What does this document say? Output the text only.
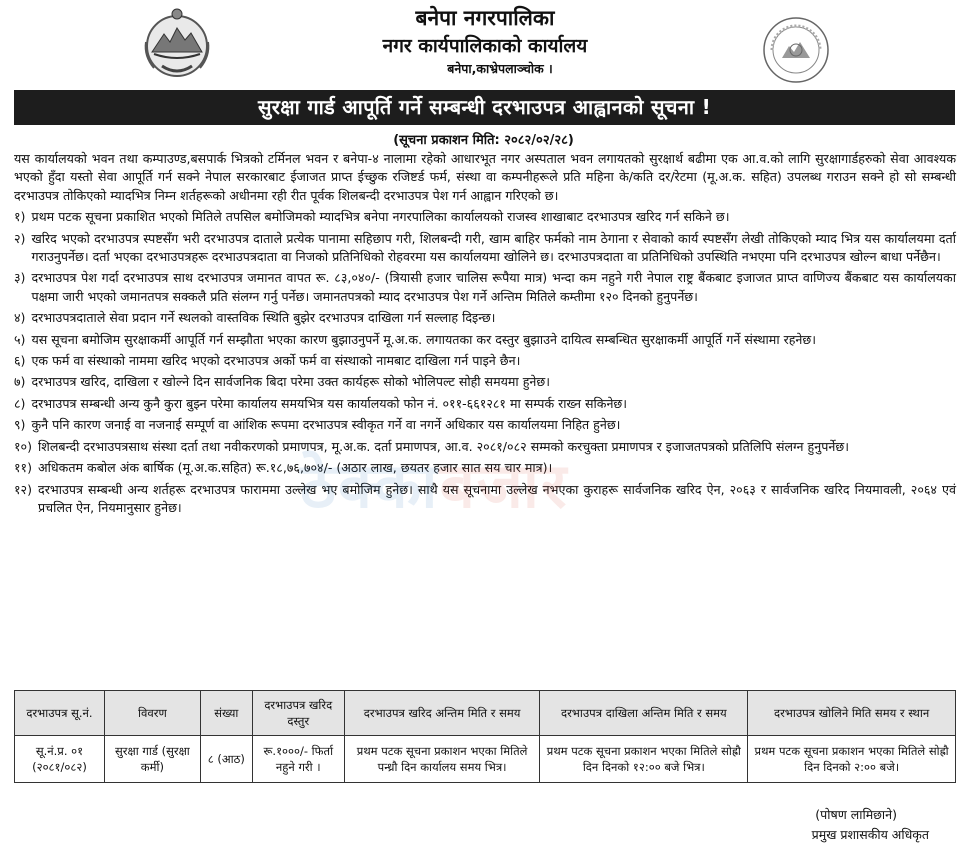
बनेपा नगरपालिका
नगर कार्यपालिकाको कार्यालय
बनेपा,काभ्रेपलाञ्चोक ।
सुरक्षा गार्ड आपूर्ति गर्ने सम्बन्धी दरभाउपत्र आह्वानको सूचना !
(सूचना प्रकाशन मिति: २०८२/०२/२८)

यस कार्यालयको भवन तथा कम्पाउण्ड,बसपार्क भित्रको टर्मिनल भवन र बनेपा-४ नालामा रहेको आधारभूत नगर अस्पताल भवन लगायतको सुरक्षार्थ बढीमा एक आ.व.को लागि सुरक्षागार्डहरुको सेवा आवश्यक भएको हुँदा यस्तो सेवा आपूर्ति गर्न सक्ने नेपाल सरकारबाट ईजाजत प्राप्त ईच्छुक रजिष्टर्ड फर्म, संस्था वा कम्पनीहरूले प्रति महिना के/कति दर/रेटमा (मू.अ.क. सहित) उपलब्ध गराउन सक्ने हो सो सम्बन्धी दरभाउपत्र तोकिएको म्यादभित्र निम्न शर्तहरूको अधीनमा रही रीत पूर्वक शिलबन्दी दरभाउपत्र पेश गर्न आह्वान गरिएको छ।

१) प्रथम पटक सूचना प्रकाशित भएको मितिले तपसिल बमोजिमको म्यादभित्र बनेपा नगरपालिका कार्यालयको राजस्व शाखाबाट दरभाउपत्र खरिद गर्न सकिने छ।
२) खरिद भएको दरभाउपत्र स्पष्टसँग भरी दरभाउपत्र दाताले प्रत्येक पानामा सहिछाप गरी, शिलबन्दी गरी, खाम बाहिर फर्मको नाम ठेगाना र सेवाको कार्य स्पष्टसँग लेखी तोकिएको म्याद भित्र यस कार्यालयमा दर्ता गराउनुपर्नेछ। दर्ता भएका दरभाउपत्रहरू दरभाउपत्रदाता वा निजको प्रतिनिधिको रोहवरमा यस कार्यालयमा खोलिने छ। दरभाउपत्रदाता वा प्रतिनिधिको उपस्थिति नभएमा पनि दरभाउपत्र खोल्न बाधा पर्नेछैन।
३) दरभाउपत्र पेश गर्दा दरभाउपत्र साथ दरभाउपत्र जमानत वापत रू. ८३,०४०/- (त्रियासी हजार चालिस रूपैया मात्र) भन्दा कम नहुने गरी नेपाल राष्ट्र बैंकबाट इजाजत प्राप्त वाणिज्य बैंकबाट यस कार्यालयका पक्षमा जारी भएको जमानतपत्र सक्कलै प्रति संलग्न गर्नु पर्नेछ। जमानतपत्रको म्याद दरभाउपत्र पेश गर्ने अन्तिम मितिले कम्तीमा १२० दिनको हुनुपर्नेछ।
४) दरभाउपत्रदाताले सेवा प्रदान गर्ने स्थलको वास्तविक स्थिति बुझेर दरभाउपत्र दाखिला गर्न सल्लाह दिइन्छ।
५) यस सूचना बमोजिम सुरक्षाकर्मी आपूर्ति गर्न सम्झौता भएका कारण बुझाउनुपर्ने मू.अ.क. लगायतका कर दस्तुर बुझाउने दायित्व सम्बन्धित सुरक्षाकर्मी आपूर्ति गर्ने संस्थामा रहनेछ।
६) एक फर्म वा संस्थाको नाममा खरिद भएको दरभाउपत्र अर्को फर्म वा संस्थाको नामबाट दाखिला गर्न पाइने छैन।
७) दरभाउपत्र खरिद, दाखिला र खोल्ने दिन सार्वजनिक बिदा परेमा उक्त कार्यहरू सोको भोलिपल्ट सोही समयमा हुनेछ।
८) दरभाउपत्र सम्बन्धी अन्य कुनै कुरा बुझ्न परेमा कार्यालय समयभित्र यस कार्यालयको फोन नं. ०११-६६१२८१ मा सम्पर्क राख्न सकिनेछ।
९) कुनै पनि कारण जनाई वा नजनाई सम्पूर्ण वा आंशिक रूपमा दरभाउपत्र स्वीकृत गर्ने वा नगर्ने अधिकार यस कार्यालयमा निहित हुनेछ।
१०) शिलबन्दी दरभाउपत्रसाथ संस्था दर्ता तथा नवीकरणको प्रमाणपत्र, मू.अ.क. दर्ता प्रमाणपत्र, आ.व. २०८१/०८२ सम्मको करचुक्ता प्रमाणपत्र र इजाजतपत्रको प्रतिलिपि संलग्न हुनुपर्नेछ।
११) अधिकतम कबोल अंक बार्षिक (मू.अ.क.सहित) रू.१८,७६,७०४/- (अठार लाख, छयतर हजार सात सय चार मात्र)।
१२) दरभाउपत्र सम्बन्धी अन्य शर्तहरू दरभाउपत्र फाराममा उल्लेख भए बमोजिम हुनेछ। साथै यस सूचनामा उल्लेख नभएका कुराहरू सार्वजनिक खरिद ऐन, २०६३ र सार्वजनिक खरिद नियमावली, २०६४ एवं प्रचलित ऐन, नियमानुसार हुनेछ।	ठेक्काबजार
दरभाउपत्र सू.नं.	विवरण	संख्या	दरभाउपत्र खरिद दस्तुर	दरभाउपत्र खरिद अन्तिम मिति र समय	दरभाउपत्र दाखिला अन्तिम मिति र समय	दरभाउपत्र खोलिने मिति समय र स्थान
सू.नं.प्र. ०१ (२०८१/०८२)	सुरक्षा गार्ड (सुरक्षा कर्मी)	८ (आठ)	रू.१०००/- फिर्ता नहुने गरी ।	प्रथम पटक सूचना प्रकाशन भएका मितिले पन्ध्रौ दिन कार्यालय समय भित्र।	प्रथम पटक सूचना प्रकाशन भएका मितिले सोह्रौ दिन दिनको १२:०० बजे भित्र।	प्रथम पटक सूचना प्रकाशन भएका मितिले सोह्रौ दिन दिनको २:०० बजे।
(पोषण लामिछाने)
प्रमुख प्रशासकीय अधिकृत
